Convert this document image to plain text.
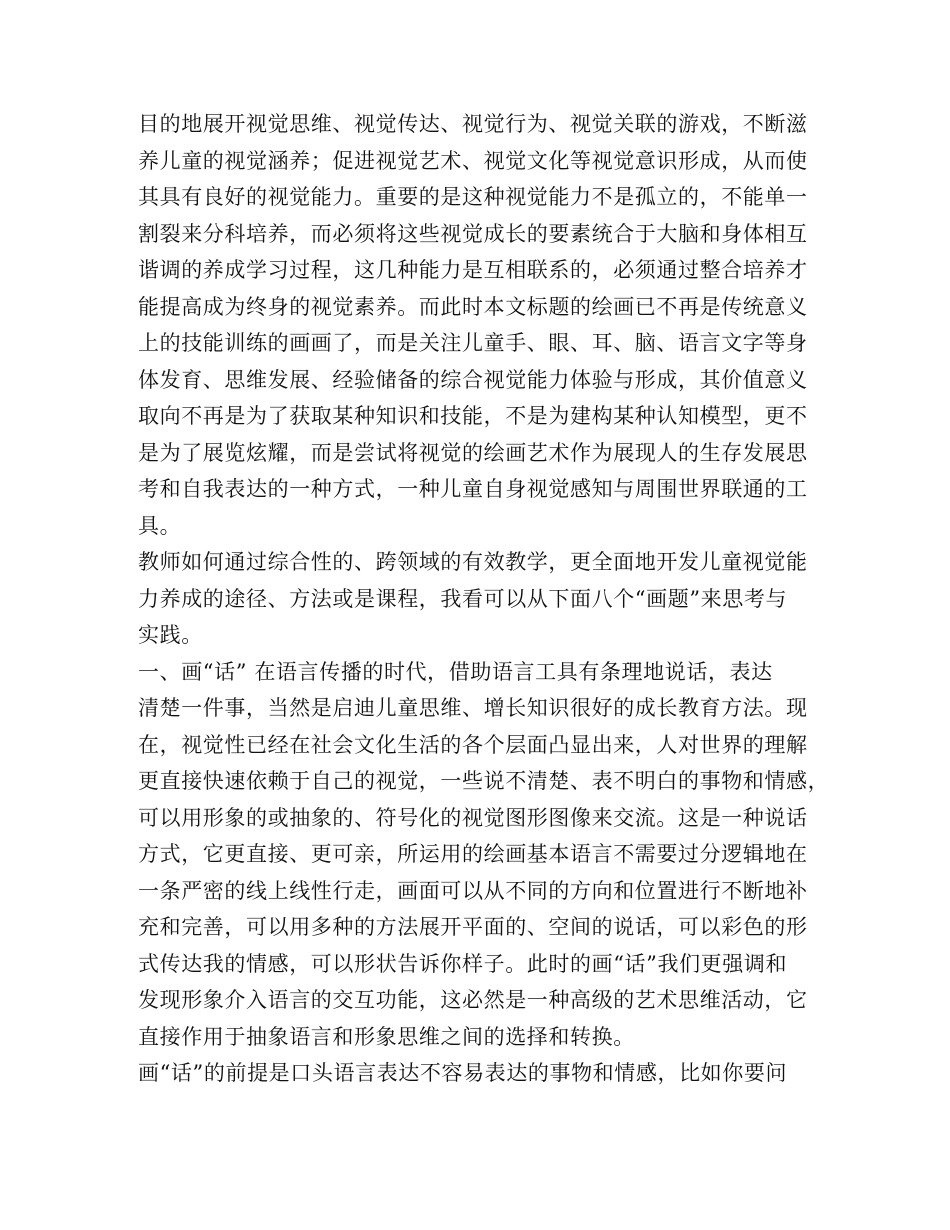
目的地展开视觉思维、视觉传达、视觉行为、视觉关联的游戏，不断滋
养儿童的视觉涵养；促进视觉艺术、视觉文化等视觉意识形成，从而使
其具有良好的视觉能力。重要的是这种视觉能力不是孤立的，不能单一
割裂来分科培养，而必须将这些视觉成长的要素统合于大脑和身体相互
谐调的养成学习过程，这几种能力是互相联系的，必须通过整合培养才
能提高成为终身的视觉素养。而此时本文标题的绘画已不再是传统意义
上的技能训练的画画了，而是关注儿童手、眼、耳、脑、语言文字等身
体发育、思维发展、经验储备的综合视觉能力体验与形成，其价值意义
取向不再是为了获取某种知识和技能，不是为建构某种认知模型，更不
是为了展览炫耀，而是尝试将视觉的绘画艺术作为展现人的生存发展思
考和自我表达的一种方式，一种儿童自身视觉感知与周围世界联通的工
具。
教师如何通过综合性的、跨领域的有效教学，更全面地开发儿童视觉能
力养成的途径、方法或是课程，我看可以从下面八个“画题”来思考与
实践。
一、画“话” 在语言传播的时代，借助语言工具有条理地说话，表达
清楚一件事，当然是启迪儿童思维、增长知识很好的成长教育方法。现
在，视觉性已经在社会文化生活的各个层面凸显出来，人对世界的理解
更直接快速依赖于自己的视觉，一些说不清楚、表不明白的事物和情感，
可以用形象的或抽象的、符号化的视觉图形图像来交流。这是一种说话
方式，它更直接、更可亲，所运用的绘画基本语言不需要过分逻辑地在
一条严密的线上线性行走，画面可以从不同的方向和位置进行不断地补
充和完善，可以用多种的方法展开平面的、空间的说话，可以彩色的形
式传达我的情感，可以形状告诉你样子。此时的画“话”我们更强调和
发现形象介入语言的交互功能，这必然是一种高级的艺术思维活动，它
直接作用于抽象语言和形象思维之间的选择和转换。
画“话”的前提是口头语言表达不容易表达的事物和情感，比如你要问
